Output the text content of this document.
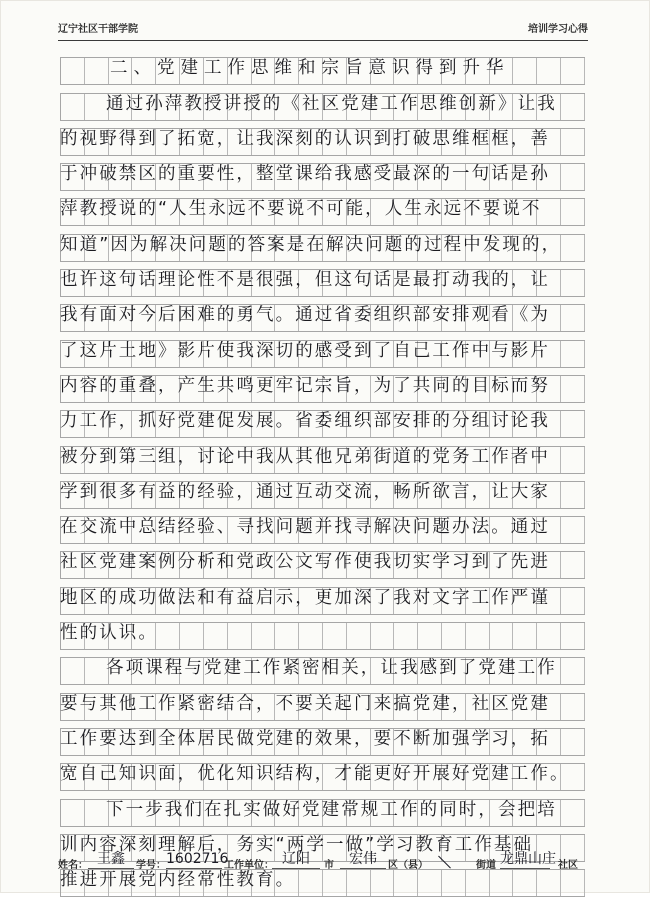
辽宁社区干部学院	培训学习心得
二、党建工作思维和宗旨意识得到升华
通过孙萍教授讲授的《社区党建工作思维创新》让我
的视野得到了拓宽，让我深刻的认识到打破思维框框，善
于冲破禁区的重要性，整堂课给我感受最深的一句话是孙
萍教授说的“人生永远不要说不可能，人生永远不要说不
知道”因为解决问题的答案是在解决问题的过程中发现的，
也许这句话理论性不是很强，但这句话是最打动我的，让
我有面对今后困难的勇气。通过省委组织部安排观看《为
了这片土地》影片使我深切的感受到了自己工作中与影片
内容的重叠，产生共鸣更牢记宗旨，为了共同的目标而努
力工作，抓好党建促发展。省委组织部安排的分组讨论我
被分到第三组，讨论中我从其他兄弟街道的党务工作者中
学到很多有益的经验，通过互动交流，畅所欲言，让大家
在交流中总结经验、寻找问题并找寻解决问题办法。通过
社区党建案例分析和党政公文写作使我切实学习到了先进
地区的成功做法和有益启示，更加深了我对文字工作严谨
性的认识。
各项课程与党建工作紧密相关，让我感到了党建工作
要与其他工作紧密结合，不要关起门来搞党建，社区党建
工作要达到全体居民做党建的效果，要不断加强学习，拓
宽自己知识面，优化知识结构，才能更好开展好党建工作。
下一步我们在扎实做好党建常规工作的同时，会把培
训内容深刻理解后，务实“两学一做”学习教育工作基础
推进开展党内经常性教育。
姓名： 王鑫	学号： 1602716
工作单位： 辽阳	市	宏伟	区（县） ＼ 街道 龙鼎山庄 社区
